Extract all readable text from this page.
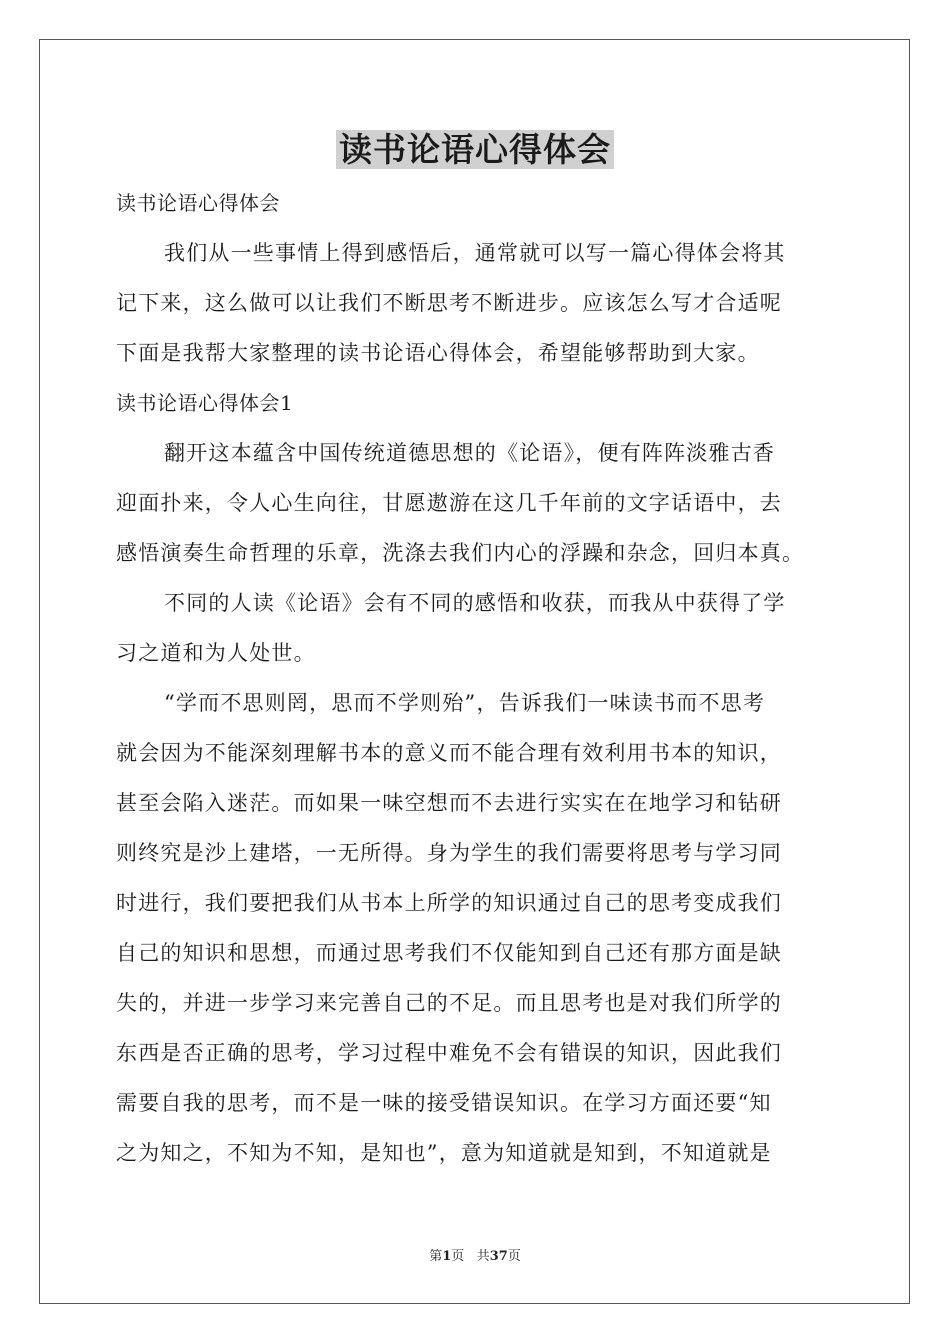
读书论语心得体会
读书论语心得体会
我们从一些事情上得到感悟后，通常就可以写一篇心得体会将其
记下来，这么做可以让我们不断思考不断进步。应该怎么写才合适呢
下面是我帮大家整理的读书论语心得体会，希望能够帮助到大家。
读书论语心得体会1
翻开这本蕴含中国传统道德思想的《论语》，便有阵阵淡雅古香
迎面扑来，令人心生向往，甘愿遨游在这几千年前的文字话语中，去
感悟演奏生命哲理的乐章，洗涤去我们内心的浮躁和杂念，回归本真。
不同的人读《论语》会有不同的感悟和收获，而我从中获得了学
习之道和为人处世。
“学而不思则罔，思而不学则殆”，告诉我们一味读书而不思考
就会因为不能深刻理解书本的意义而不能合理有效利用书本的知识，
甚至会陷入迷茫。而如果一味空想而不去进行实实在在地学习和钻研
则终究是沙上建塔，一无所得。身为学生的我们需要将思考与学习同
时进行，我们要把我们从书本上所学的知识通过自己的思考变成我们
自己的知识和思想，而通过思考我们不仅能知到自己还有那方面是缺
失的，并进一步学习来完善自己的不足。而且思考也是对我们所学的
东西是否正确的思考，学习过程中难免不会有错误的知识，因此我们
需要自我的思考，而不是一味的接受错误知识。在学习方面还要“知
之为知之，不知为不知，是知也”，意为知道就是知到，不知道就是
第1页 共37页
